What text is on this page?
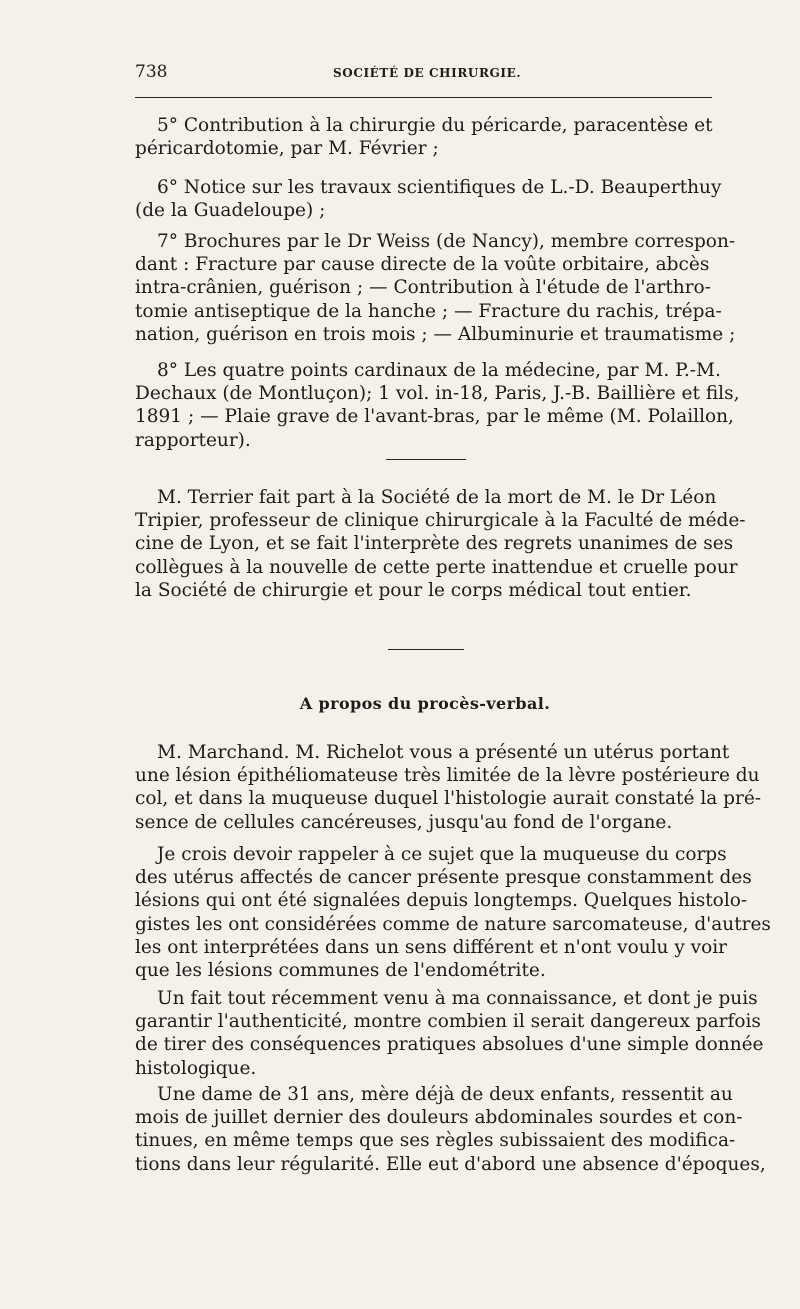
738	SOCIÉTÉ DE CHIRURGIE.

5° Contribution à la chirurgie du péricarde, paracentèse et
péricardotomie, par M. Février ;

6° Notice sur les travaux scientifiques de L.-D. Beauperthuy
(de la Guadeloupe) ;

7° Brochures par le Dr Weiss (de Nancy), membre correspon-
dant : Fracture par cause directe de la voûte orbitaire, abcès
intra-crânien, guérison ; — Contribution à l'étude de l'arthro-
tomie antiseptique de la hanche ; — Fracture du rachis, trépa-
nation, guérison en trois mois ; — Albuminurie et traumatisme ;

8° Les quatre points cardinaux de la médecine, par M. P.-M.
Dechaux (de Montluçon); 1 vol. in-18, Paris, J.-B. Baillière et fils,
1891 ; — Plaie grave de l'avant-bras, par le même (M. Polaillon,
rapporteur).

M. Terrier fait part à la Société de la mort de M. le Dr Léon
Tripier, professeur de clinique chirurgicale à la Faculté de méde-
cine de Lyon, et se fait l'interprète des regrets unanimes de ses
collègues à la nouvelle de cette perte inattendue et cruelle pour
la Société de chirurgie et pour le corps médical tout entier.

A propos du procès-verbal.

M. Marchand. M. Richelot vous a présenté un utérus portant
une lésion épithéliomateuse très limitée de la lèvre postérieure du
col, et dans la muqueuse duquel l'histologie aurait constaté la pré-
sence de cellules cancéreuses, jusqu'au fond de l'organe.

Je crois devoir rappeler à ce sujet que la muqueuse du corps
des utérus affectés de cancer présente presque constamment des
lésions qui ont été signalées depuis longtemps. Quelques histolo-
gistes les ont considérées comme de nature sarcomateuse, d'autres
les ont interprétées dans un sens différent et n'ont voulu y voir
que les lésions communes de l'endométrite.

Un fait tout récemment venu à ma connaissance, et dont je puis
garantir l'authenticité, montre combien il serait dangereux parfois
de tirer des conséquences pratiques absolues d'une simple donnée
histologique.

Une dame de 31 ans, mère déjà de deux enfants, ressentit au
mois de juillet dernier des douleurs abdominales sourdes et con-
tinues, en même temps que ses règles subissaient des modifica-
tions dans leur régularité. Elle eut d'abord une absence d'époques,
